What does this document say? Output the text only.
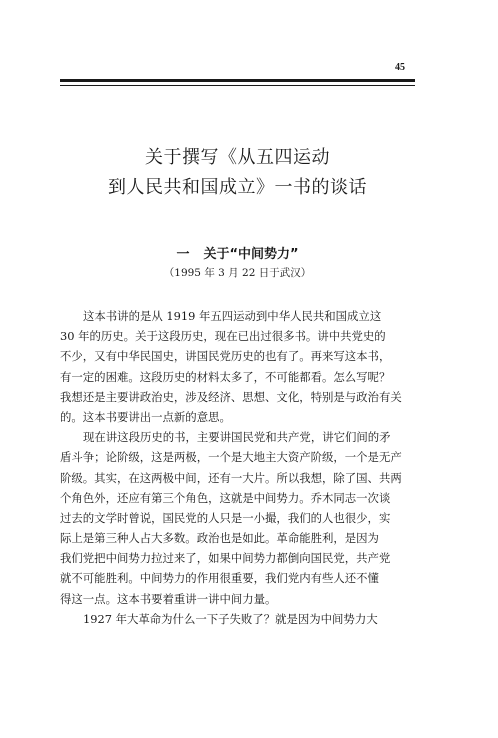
45
关于撰写《从五四运动
到人民共和国成立》一书的谈话
一 关于“中间势力”
（1995 年 3 月 22 日于武汉）
这本书讲的是从 1919 年五四运动到中华人民共和国成立这
30 年的历史。关于这段历史，现在已出过很多书。讲中共党史的
不少，又有中华民国史，讲国民党历史的也有了。再来写这本书，
有一定的困难。这段历史的材料太多了，不可能都看。怎么写呢？
我想还是主要讲政治史，涉及经济、思想、文化，特别是与政治有关
的。这本书要讲出一点新的意思。
现在讲这段历史的书，主要讲国民党和共产党，讲它们间的矛
盾斗争；论阶级，这是两极，一个是大地主大资产阶级，一个是无产
阶级。其实，在这两极中间，还有一大片。所以我想，除了国、共两
个角色外，还应有第三个角色，这就是中间势力。乔木同志一次谈
过去的文学时曾说，国民党的人只是一小撮，我们的人也很少，实
际上是第三种人占大多数。政治也是如此。革命能胜利，是因为
我们党把中间势力拉过来了，如果中间势力都倒向国民党，共产党
就不可能胜利。中间势力的作用很重要，我们党内有些人还不懂
得这一点。这本书要着重讲一讲中间力量。
1927 年大革命为什么一下子失败了？就是因为中间势力大
